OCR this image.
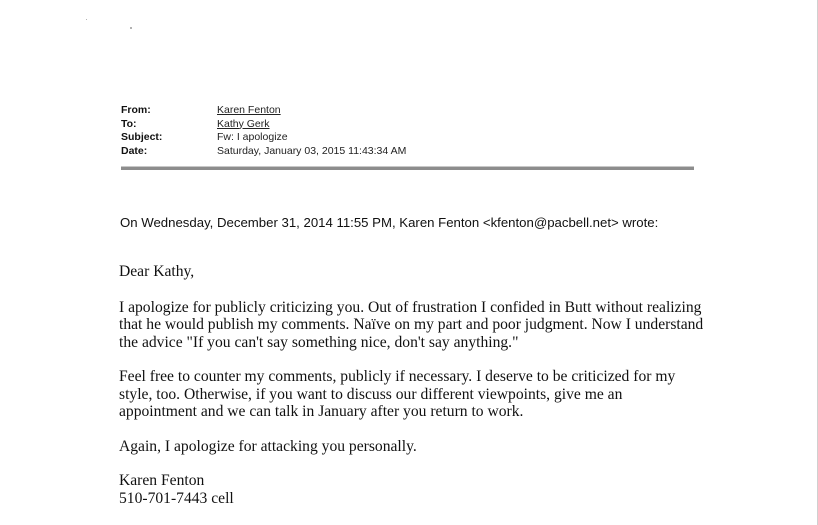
From:	Karen Fenton
To:	Kathy Gerk
Subject:	Fw: I apologize
Date:	Saturday, January 03, 2015 11:43:34 AM
On Wednesday, December 31, 2014 11:55 PM, Karen Fenton <kfenton@pacbell.net> wrote:

Dear Kathy,

I apologize for publicly criticizing you. Out of frustration I confided in Butt without realizing
that he would publish my comments. Naïve on my part and poor judgment. Now I understand
the advice "If you can't say something nice, don't say anything."

Feel free to counter my comments, publicly if necessary. I deserve to be criticized for my
style, too. Otherwise, if you want to discuss our different viewpoints, give me an
appointment and we can talk in January after you return to work.

Again, I apologize for attacking you personally.

Karen Fenton
510-701-7443 cell
